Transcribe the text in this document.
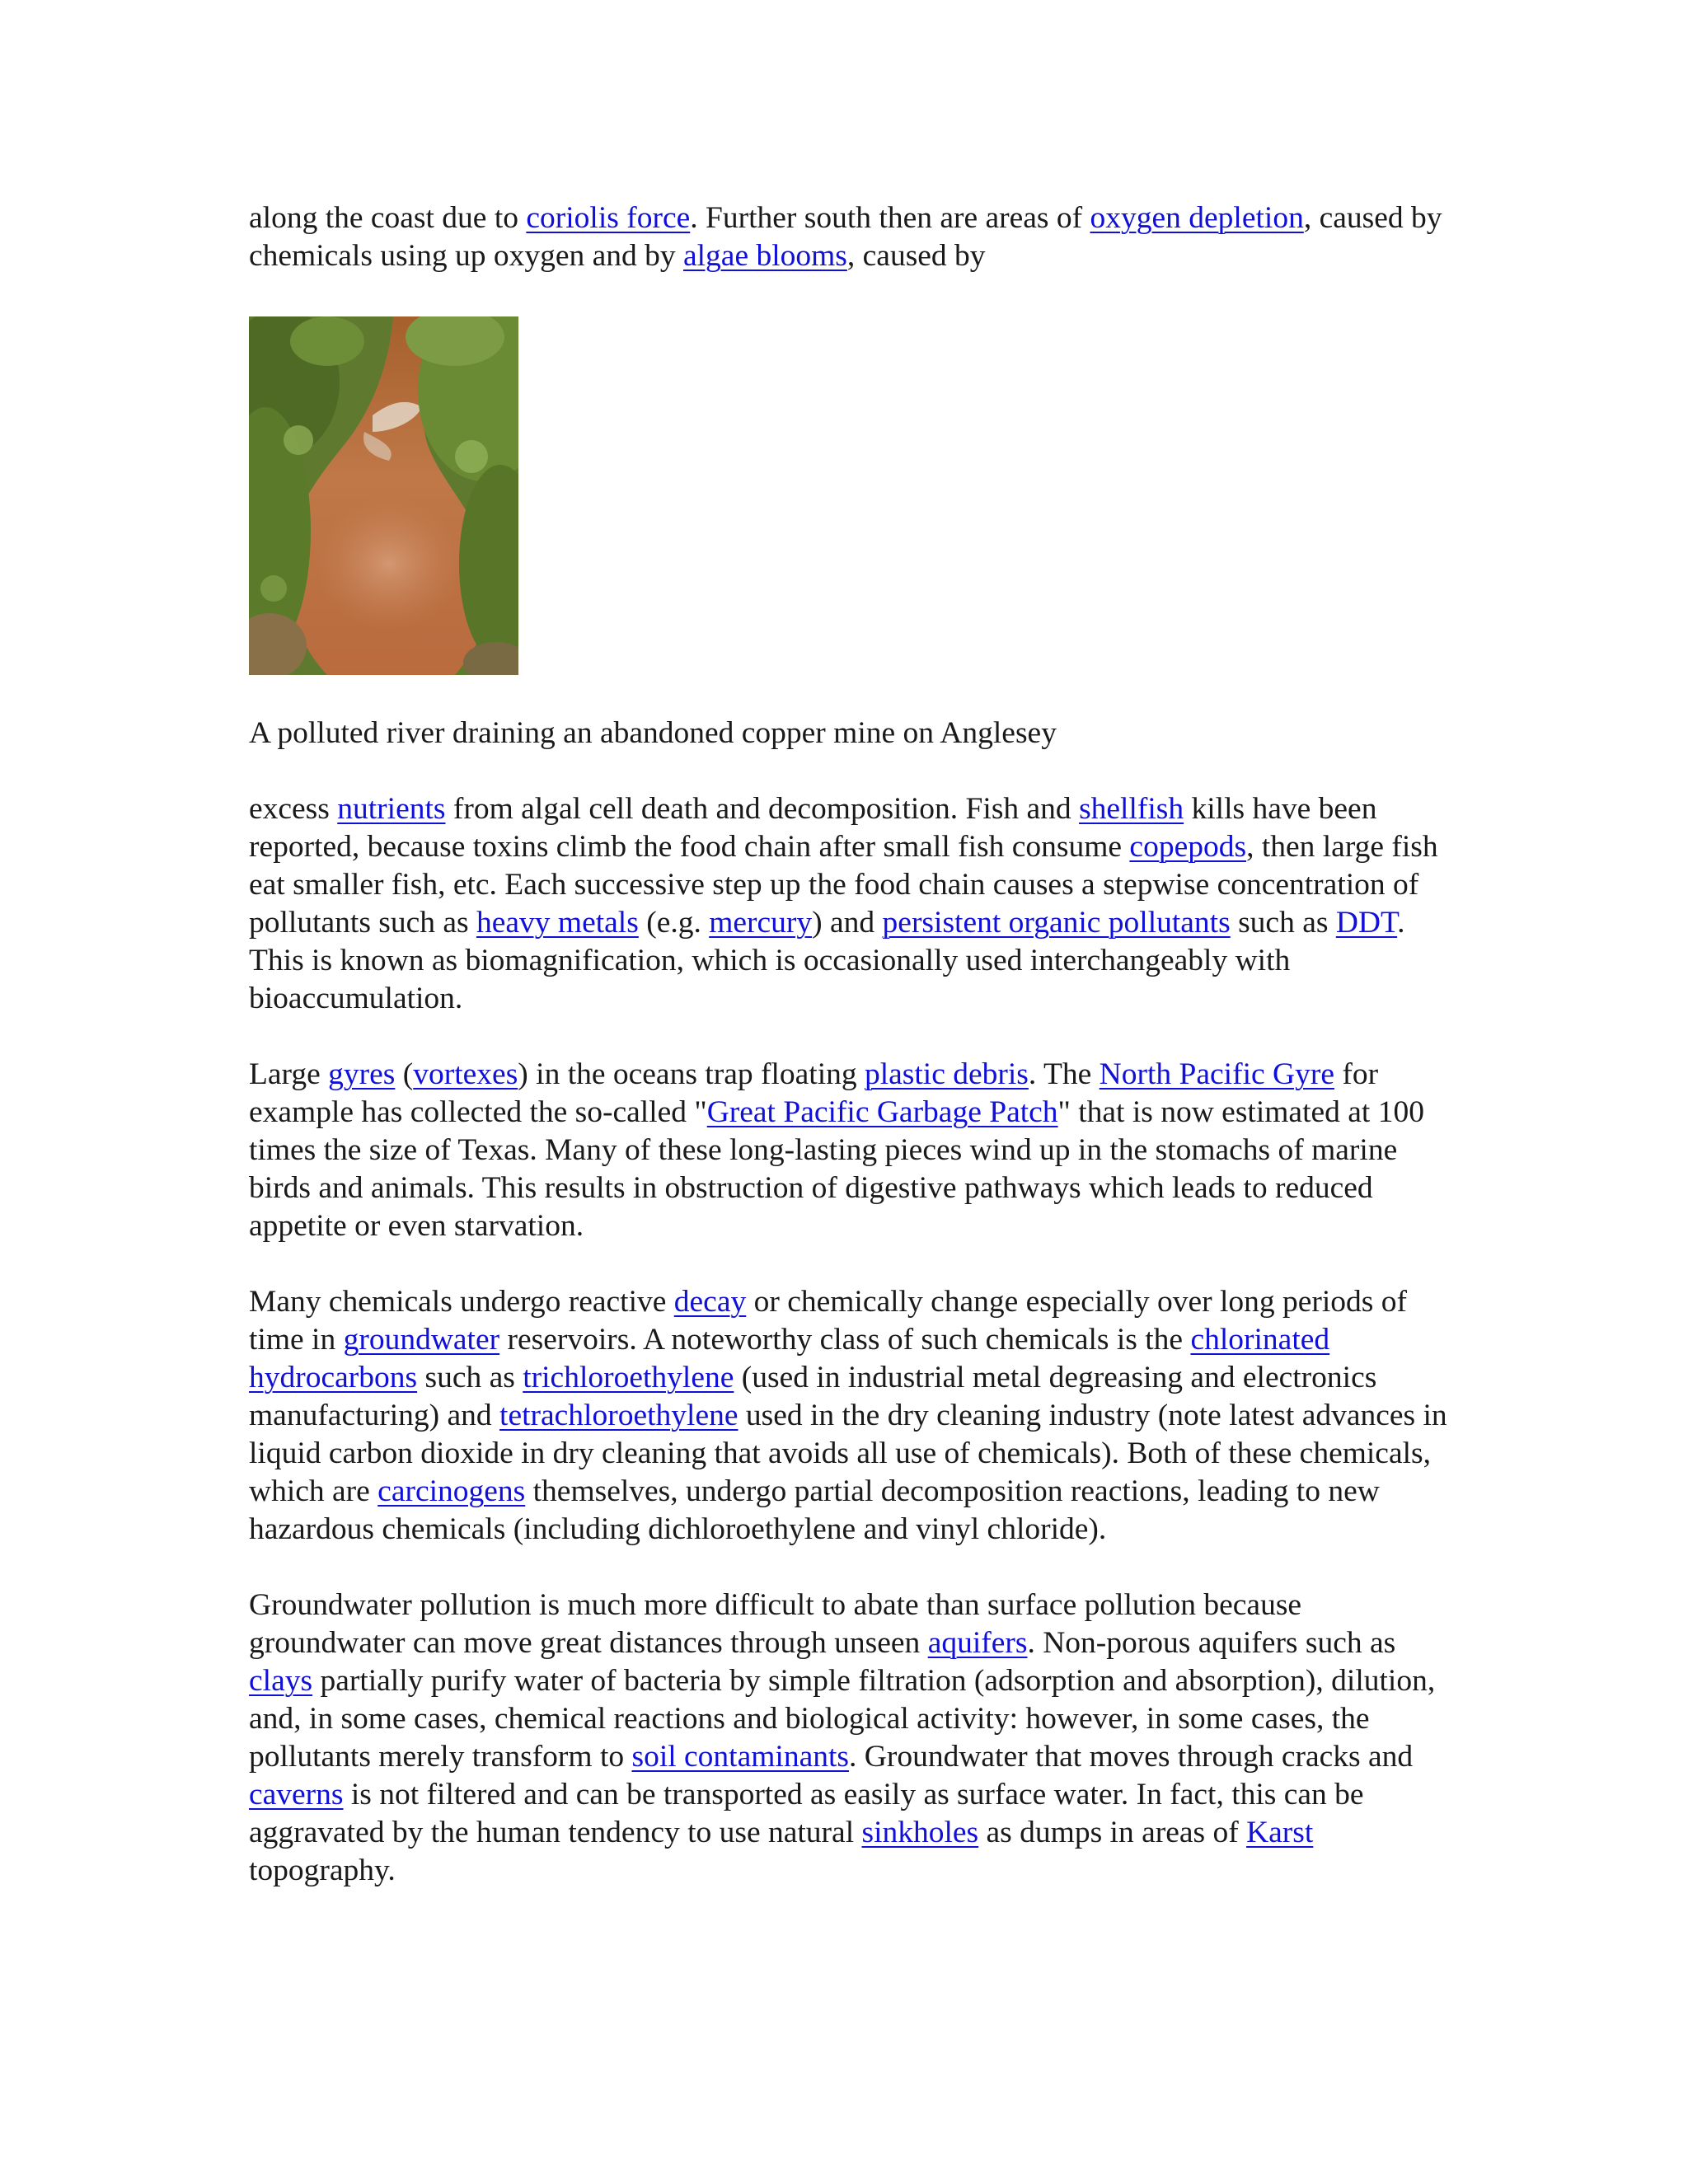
along the coast due to coriolis force. Further south then are areas of oxygen depletion, caused by chemicals using up oxygen and by algae blooms, caused by

A polluted river draining an abandoned copper mine on Anglesey

excess nutrients from algal cell death and decomposition. Fish and shellfish kills have been reported, because toxins climb the food chain after small fish consume copepods, then large fish eat smaller fish, etc. Each successive step up the food chain causes a stepwise concentration of pollutants such as heavy metals (e.g. mercury) and persistent organic pollutants such as DDT. This is known as biomagnification, which is occasionally used interchangeably with bioaccumulation.

Large gyres (vortexes) in the oceans trap floating plastic debris. The North Pacific Gyre for example has collected the so-called "Great Pacific Garbage Patch" that is now estimated at 100 times the size of Texas. Many of these long-lasting pieces wind up in the stomachs of marine birds and animals. This results in obstruction of digestive pathways which leads to reduced appetite or even starvation.

Many chemicals undergo reactive decay or chemically change especially over long periods of time in groundwater reservoirs. A noteworthy class of such chemicals is the chlorinated hydrocarbons such as trichloroethylene (used in industrial metal degreasing and electronics manufacturing) and tetrachloroethylene used in the dry cleaning industry (note latest advances in liquid carbon dioxide in dry cleaning that avoids all use of chemicals). Both of these chemicals, which are carcinogens themselves, undergo partial decomposition reactions, leading to new hazardous chemicals (including dichloroethylene and vinyl chloride).

Groundwater pollution is much more difficult to abate than surface pollution because groundwater can move great distances through unseen aquifers. Non-porous aquifers such as clays partially purify water of bacteria by simple filtration (adsorption and absorption), dilution, and, in some cases, chemical reactions and biological activity: however, in some cases, the pollutants merely transform to soil contaminants. Groundwater that moves through cracks and caverns is not filtered and can be transported as easily as surface water. In fact, this can be aggravated by the human tendency to use natural sinkholes as dumps in areas of Karst topography.
